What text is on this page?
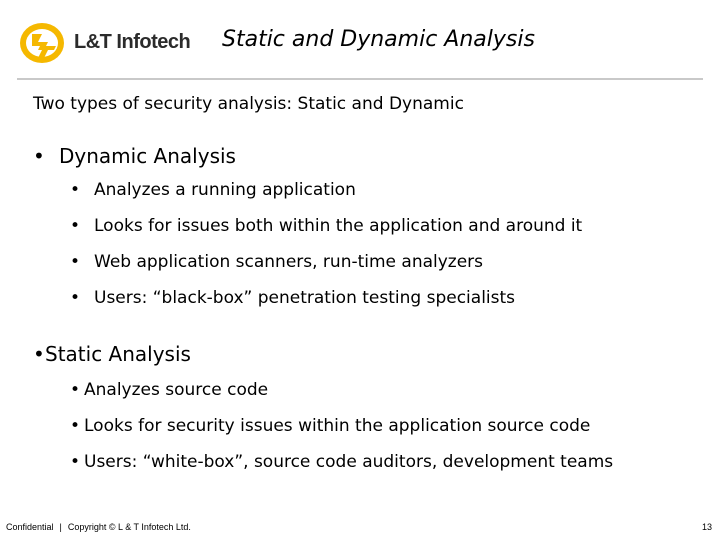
L&T Infotech Static and Dynamic Analysis
Two types of security analysis: Static and Dynamic
• Dynamic Analysis
• Analyzes a running application
• Looks for issues both within the application and around it
• Web application scanners, run-time analyzers
• Users: “black-box” penetration testing specialists
•Static Analysis
• Analyzes source code
• Looks for security issues within the application source code
• Users: “white-box”, source code auditors, development teams
Confidential | Copyright © L & T Infotech Ltd.	13
